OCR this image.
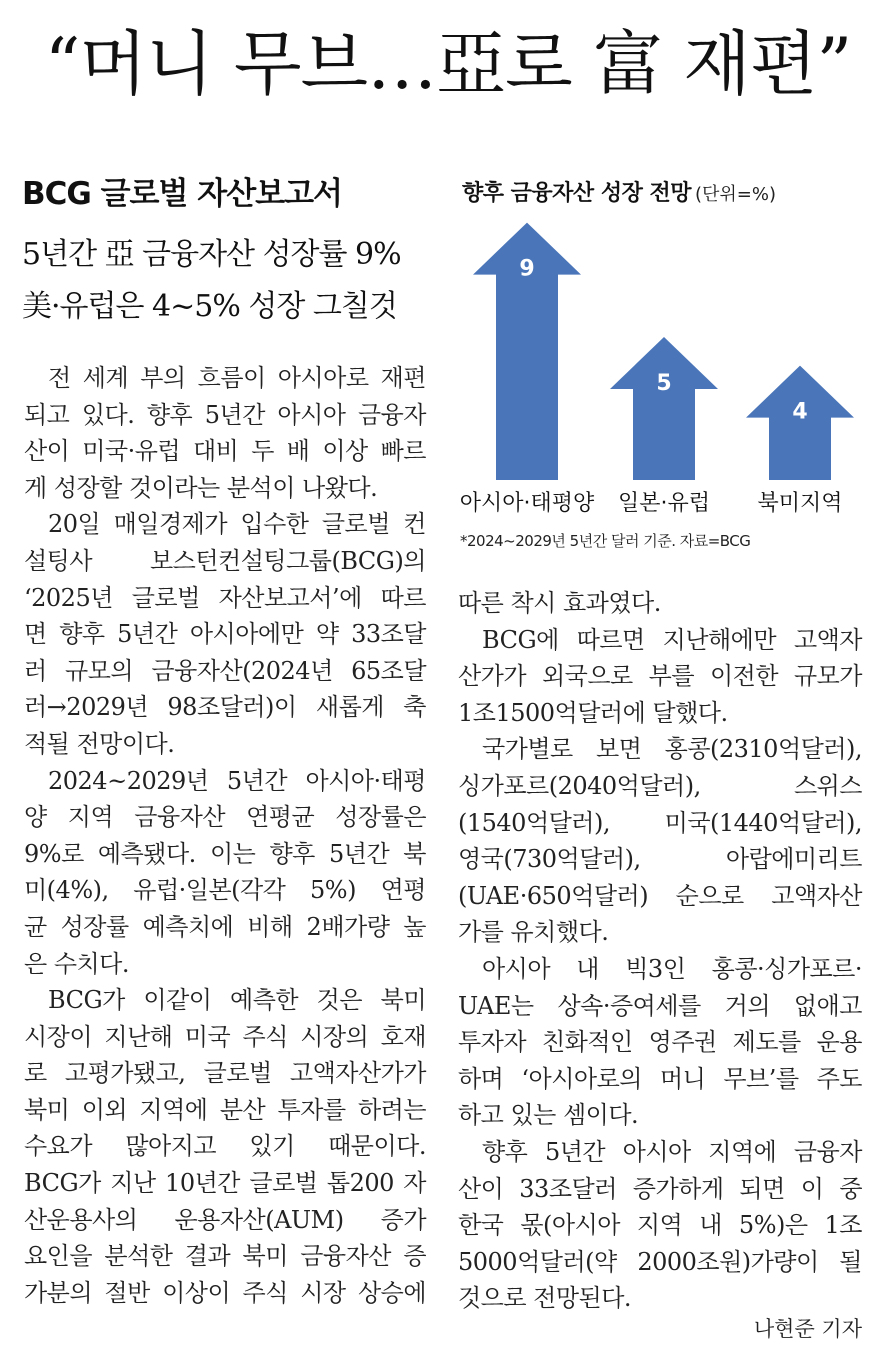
“머니 무브…亞로 富 재편”
BCG 글로벌 자산보고서
5년간 亞 금융자산 성장률 9%
美·유럽은 4~5% 성장 그칠것

전 세계 부의 흐름이 아시아로 재편

되고 있다. 향후 5년간 아시아 금융자

산이 미국·유럽 대비 두 배 이상 빠르

게 성장할 것이라는 분석이 나왔다.

20일 매일경제가 입수한 글로벌 컨

설팅사 보스턴컨설팅그룹(BCG)의

‘2025년 글로벌 자산보고서’에 따르

면 향후 5년간 아시아에만 약 33조달

러 규모의 금융자산(2024년 65조달

러→2029년 98조달러)이 새롭게 축

적될 전망이다.

2024~2029년 5년간 아시아·태평

양 지역 금융자산 연평균 성장률은

9%로 예측됐다. 이는 향후 5년간 북

미(4%), 유럽·일본(각각 5%) 연평

균 성장률 예측치에 비해 2배가량 높

은 수치다.

BCG가 이같이 예측한 것은 북미

시장이 지난해 미국 주식 시장의 호재

로 고평가됐고, 글로벌 고액자산가가

북미 이외 지역에 분산 투자를 하려는

수요가 많아지고 있기 때문이다.

BCG가 지난 10년간 글로벌 톱200 자

산운용사의 운용자산(AUM) 증가

요인을 분석한 결과 북미 금융자산 증

가분의 절반 이상이 주식 시장 상승에

9
아시아·태평양
5
일본·유럽
4
북미지역
향후 금융자산 성장 전망 (단위=%)
*2024~2029년 5년간 달러 기준. 자료=BCG

따른 착시 효과였다.

BCG에 따르면 지난해에만 고액자

산가가 외국으로 부를 이전한 규모가

1조1500억달러에 달했다.

국가별로 보면 홍콩(2310억달러),

싱가포르(2040억달러), 스위스

(1540억달러), 미국(1440억달러),

영국(730억달러), 아랍에미리트

(UAE·650억달러) 순으로 고액자산

가를 유치했다.

아시아 내 빅3인 홍콩·싱가포르·

UAE는 상속·증여세를 거의 없애고

투자자 친화적인 영주권 제도를 운용

하며 ‘아시아로의 머니 무브’를 주도

하고 있는 셈이다.

향후 5년간 아시아 지역에 금융자

산이 33조달러 증가하게 되면 이 중

한국 몫(아시아 지역 내 5%)은 1조

5000억달러(약 2000조원)가량이 될

것으로 전망된다.

나현준 기자
